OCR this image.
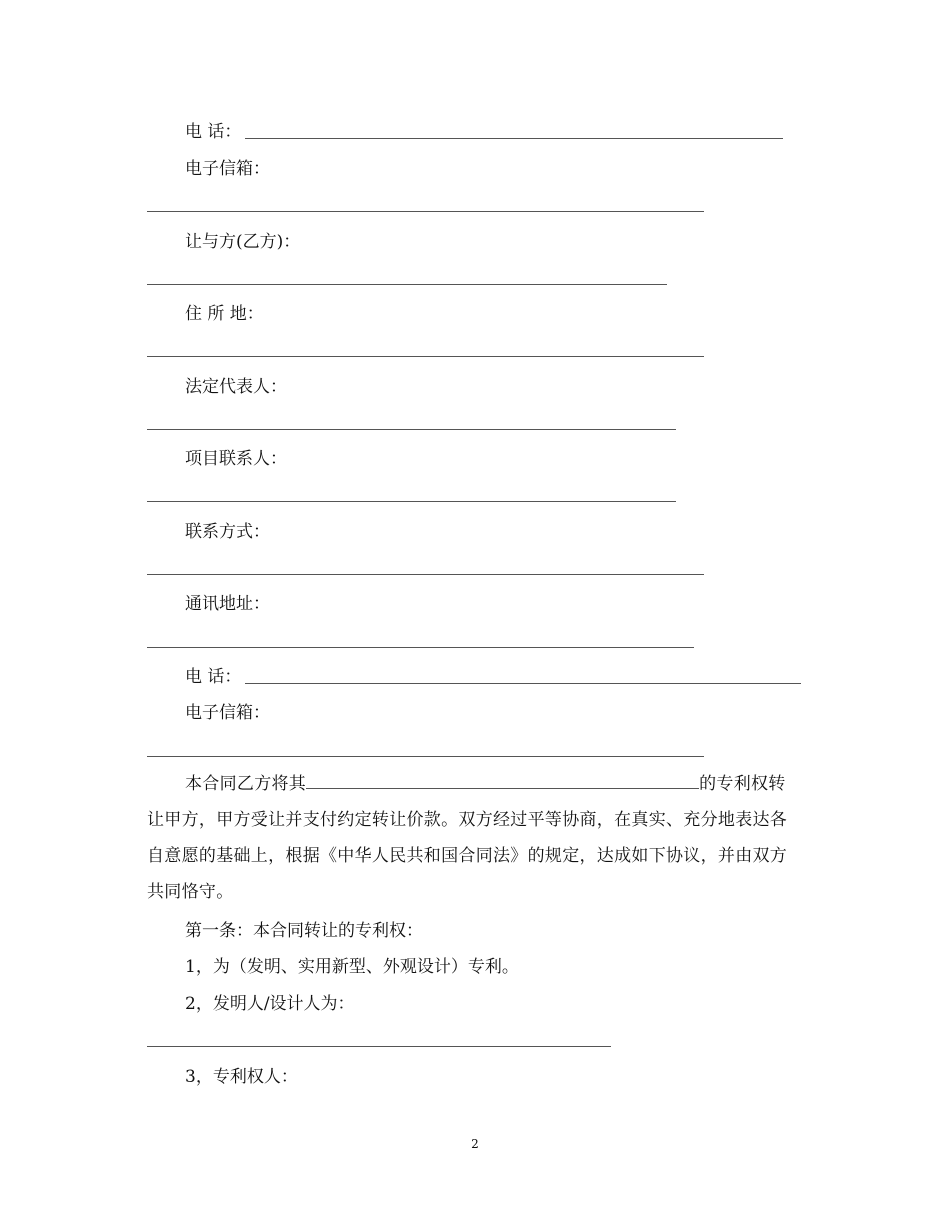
电 话：
电子信箱：
让与方(乙方)：
住 所 地：
法定代表人：
项目联系人：
联系方式：
通讯地址：
电 话：
电子信箱：
本合同乙方将其	的专利权转让甲方，甲方受让并支付约定转让价款。双方经过平等协商，在真实、充分地表达各自意愿的基础上，根据《中华人民共和国合同法》的规定，达成如下协议，并由双方共同恪守。
第一条：本合同转让的专利权：
1，为（发明、实用新型、外观设计）专利。
2，发明人/设计人为：
3，专利权人：
2
